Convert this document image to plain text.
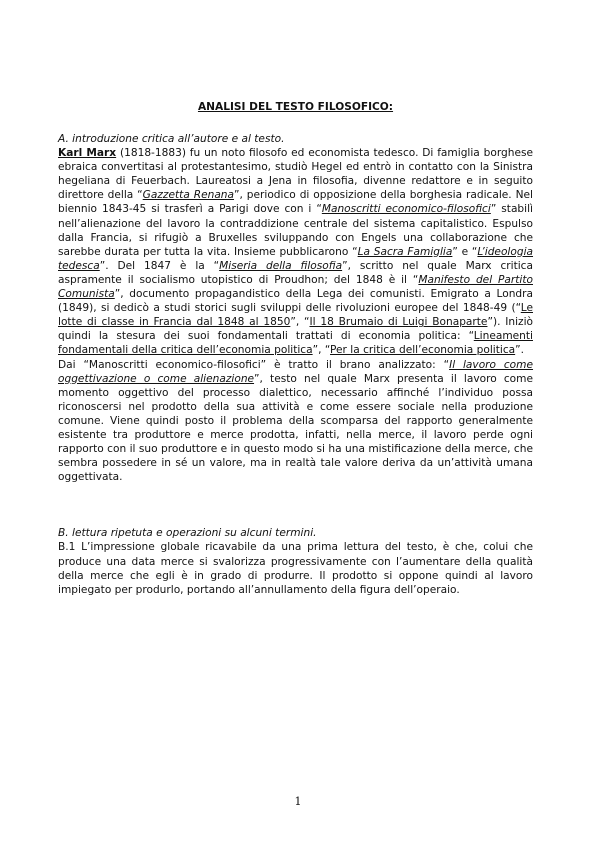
ANALISI DEL TESTO FILOSOFICO:

A. introduzione critica all’autore e al testo.

Karl Marx (1818-1883) fu un noto filosofo ed economista tedesco. Di famiglia borghese ebraica convertitasi al protestantesimo, studiò Hegel ed entrò in contatto con la Sinistra hegeliana di Feuerbach. Laureatosi a Jena in filosofia, divenne redattore e in seguito direttore della “Gazzetta Renana”, periodico di opposizione della borghesia radicale. Nel biennio 1843-45 si trasferì a Parigi dove con i “Manoscritti economico-filosofici” stabilì nell’alienazione del lavoro la contraddizione centrale del sistema capitalistico. Espulso dalla Francia, si rifugiò a Bruxelles sviluppando con Engels una collaborazione che sarebbe durata per tutta la vita. Insieme pubblicarono “La Sacra Famiglia” e “L’ideologia tedesca”. Del 1847 è la “Miseria della filosofia”, scritto nel quale Marx critica aspramente il socialismo utopistico di Proudhon; del 1848 è il “Manifesto del Partito Comunista”, documento propagandistico della Lega dei comunisti. Emigrato a Londra (1849), si dedicò a studi storici sugli sviluppi delle rivoluzioni europee del 1848-49 (“Le lotte di classe in Francia dal 1848 al 1850”, “Il 18 Brumaio di Luigi Bonaparte”). Iniziò quindi la stesura dei suoi fondamentali trattati di economia politica: “Lineamenti fondamentali della critica dell’economia politica”, “Per la critica dell’economia politica”.

Dai “Manoscritti economico-filosofici” è tratto il brano analizzato: “Il lavoro come oggettivazione o come alienazione”, testo nel quale Marx presenta il lavoro come momento oggettivo del processo dialettico, necessario affinché l’individuo possa riconoscersi nel prodotto della sua attività e come essere sociale nella produzione comune. Viene quindi posto il problema della scomparsa del rapporto generalmente esistente tra produttore e merce prodotta, infatti, nella merce, il lavoro perde ogni rapporto con il suo produttore e in questo modo si ha una mistificazione della merce, che sembra possedere in sé un valore, ma in realtà tale valore deriva da un’attività umana oggettivata.

B. lettura ripetuta e operazioni su alcuni termini.

B.1 L’impressione globale ricavabile da una prima lettura del testo, è che, colui che produce una data merce si svalorizza progressivamente con l’aumentare della qualità della merce che egli è in grado di produrre. Il prodotto si oppone quindi al lavoro impiegato per produrlo, portando all’annullamento della figura dell’operaio.

1
